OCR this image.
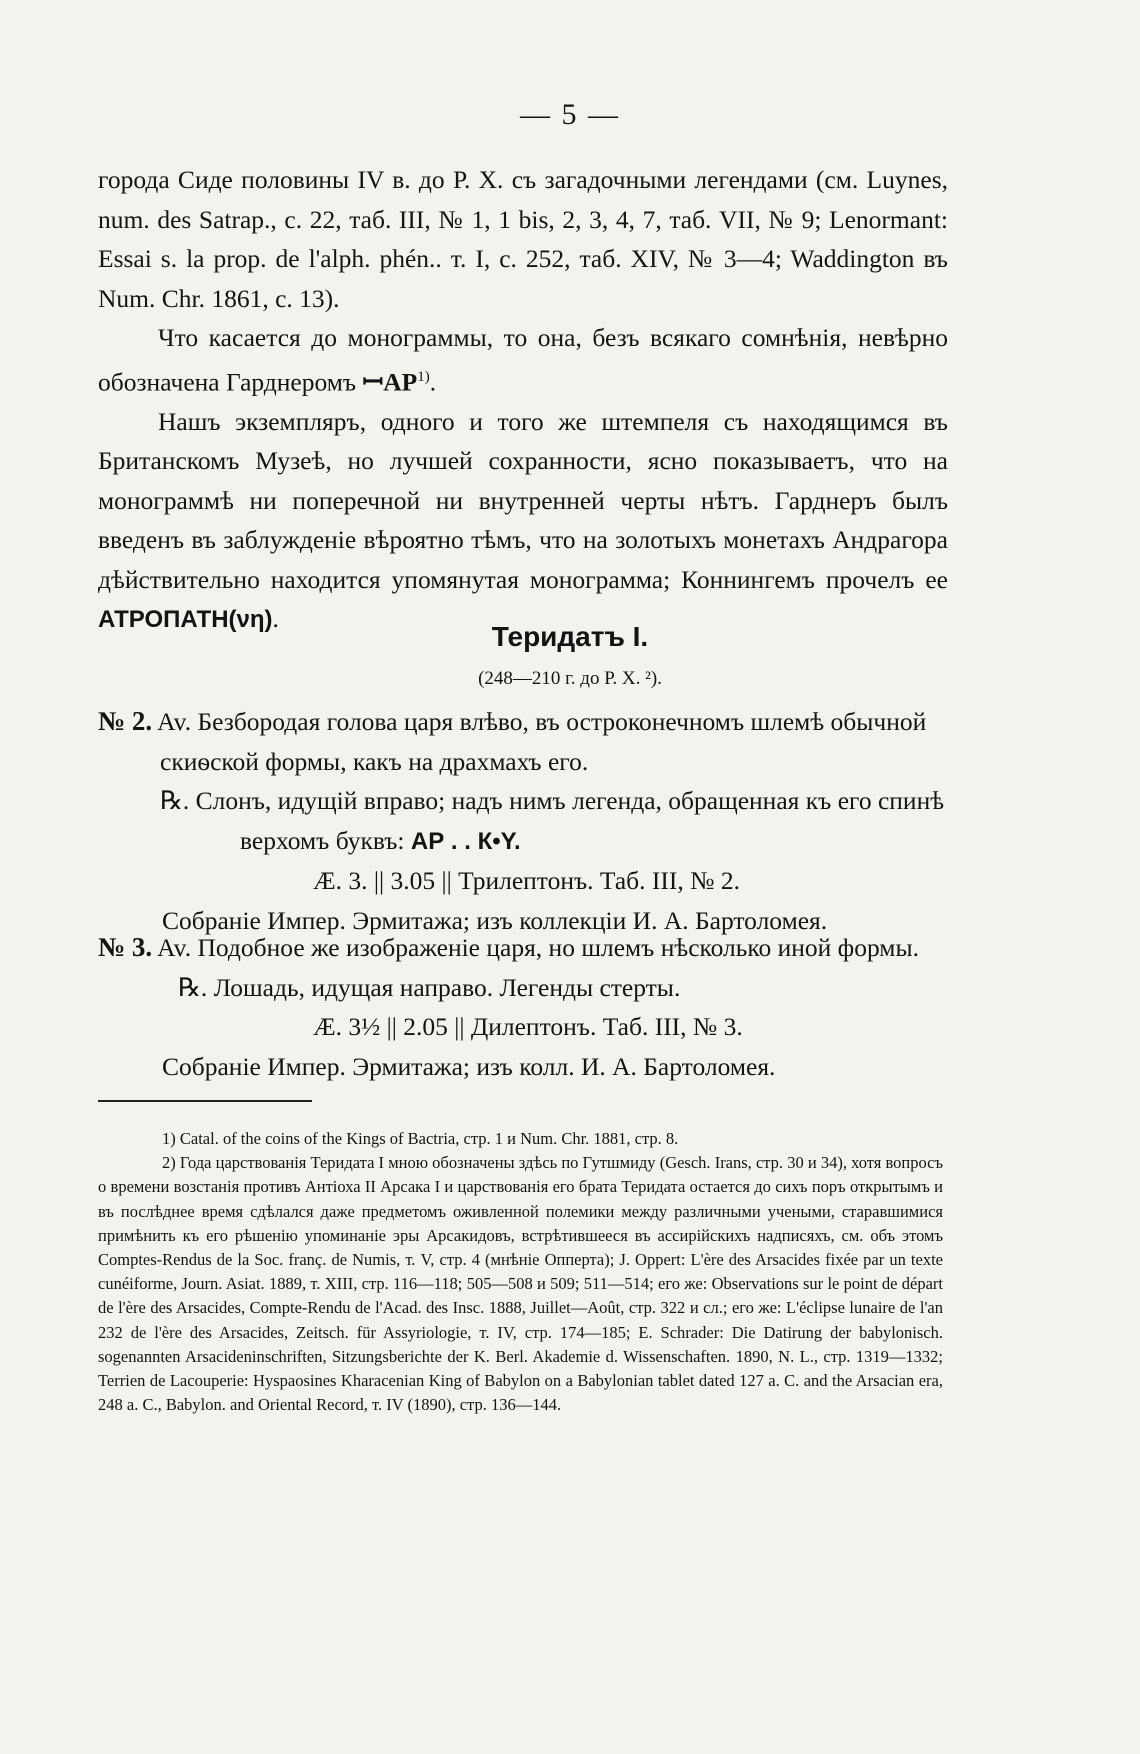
— 5 —

города Сиде половины IV в. до Р. X. съ загадочными легендами (см. Luynes, num. des Satrap., с. 22, таб. III, № 1, 1 bis, 2, 3, 4, 7, таб. VII, № 9; Lenormant: Essai s. la prop. de l'alph. phén.. т. I, с. 252, таб. XIV, № 3—4; Waddington въ Num. Chr. 1861, с. 13).

Что касается до монограммы, то она, безъ всякаго сомнѣнія, невѣрно обозначена Гарднеромъ ꟷAP$^{1)}$.

Нашъ экземпляръ, одного и того же штемпеля съ находящимся въ Британскомъ Музеѣ, но лучшей сохранности, ясно показываетъ, что на монограммѣ ни поперечной ни внутренней черты нѣтъ. Гарднеръ былъ введенъ въ заблужденіе вѣроятно тѣмъ, что на золотыхъ монетахъ Андрагора дѣйствительно находится упомянутая монограмма; Коннингемъ прочелъ ее АТРОПАТН(νη).

Теридатъ I.
(248—210 г. до Р. X. ²).

№ 2. Av. Безбородая голова царя влѣво, въ остроконечномъ шлемѣ обычной скиѳской формы, какъ на драхмахъ его.

℞. Слонъ, идущій вправо; надъ нимъ легенда, обращенная къ его спинѣ верхомъ буквъ: АР . . К•Υ.

Æ. 3. || 3.05 || Трилептонъ. Таб. III, № 2.

Собраніе Импер. Эрмитажа; изъ коллекціи И. А. Бартоломея.

№ 3. Av. Подобное же изображеніе царя, но шлемъ нѣсколько иной формы.

℞. Лошадь, идущая направо. Легенды стерты.

Æ. 3½ || 2.05 || Дилептонъ. Таб. III, № 3.

Собраніе Импер. Эрмитажа; изъ колл. И. А. Бартоломея.

1) Catal. of the coins of the Kings of Bactria, стр. 1 и Num. Chr. 1881, стр. 8.

2) Года царствованія Теридата I мною обозначены здѣсь по Гутшмиду (Gesch. Irans, стр. 30 и 34), хотя вопросъ о времени возстанія противъ Антіоха II Арсака I и царствованія его брата Теридата остается до сихъ поръ открытымъ и въ послѣднее время сдѣлался даже предметомъ оживленной полемики между различными учеными, старавшимися примѣнить къ его рѣшенію упоминаніе эры Арсакидовъ, встрѣтившееся въ ассирійскихъ надписяхъ, см. объ этомъ Comptes-Rendus de la Soc. franç. de Numis, т. V, стр. 4 (мнѣніе Опперта); J. Oppert: L'ère des Arsacides fixée par un texte cunéiforme, Journ. Asiat. 1889, т. XIII, стр. 116—118; 505—508 и 509; 511—514; его же: Observations sur le point de départ de l'ère des Arsacides, Compte-Rendu de l'Acad. des Insc. 1888, Juillet—Août, стр. 322 и сл.; его же: L'éclipse lunaire de l'an 232 de l'ère des Arsacides, Zeitsch. für Assyriologie, т. IV, стр. 174—185; E. Schrader: Die Datirung der babylonisch. sogenannten Arsacideninschriften, Sitzungsberichte der K. Berl. Akademie d. Wissenschaften. 1890, N. L., стр. 1319—1332; Terrien de Lacouperie: Hyspaosines Kharacenian King of Babylon on a Babylonian tablet dated 127 a. C. and the Arsacian era, 248 a. C., Babylon. and Oriental Record, т. IV (1890), стр. 136—144.
